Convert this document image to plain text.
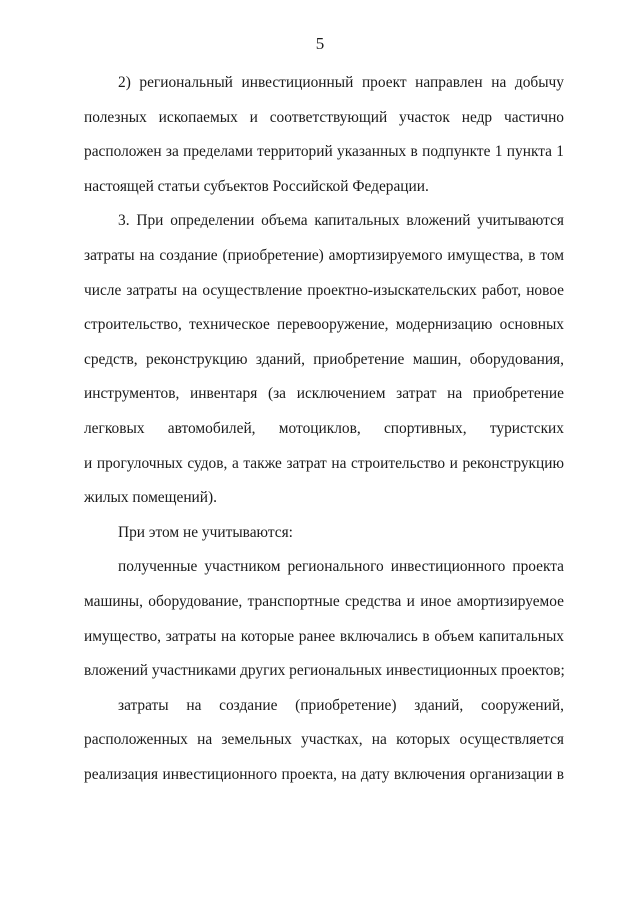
5
2) региональный инвестиционный проект направлен на добычу
полезных ископаемых и соответствующий участок недр частично
расположен за пределами территорий указанных в подпункте 1 пункта 1
настоящей статьи субъектов Российской Федерации.
3. При определении объема капитальных вложений учитываются
затраты на создание (приобретение) амортизируемого имущества, в том
числе затраты на осуществление проектно-изыскательских работ, новое
строительство, техническое перевооружение, модернизацию основных
средств, реконструкцию зданий, приобретение машин, оборудования,
инструментов, инвентаря (за исключением затрат на приобретение
легковых автомобилей, мотоциклов, спортивных, туристских
и прогулочных судов, а также затрат на строительство и реконструкцию
жилых помещений).
При этом не учитываются:
полученные участником регионального инвестиционного проекта
машины, оборудование, транспортные средства и иное амортизируемое
имущество, затраты на которые ранее включались в объем капитальных
вложений участниками других региональных инвестиционных проектов;
затраты на создание (приобретение) зданий, сооружений,
расположенных на земельных участках, на которых осуществляется
реализация инвестиционного проекта, на дату включения организации в
